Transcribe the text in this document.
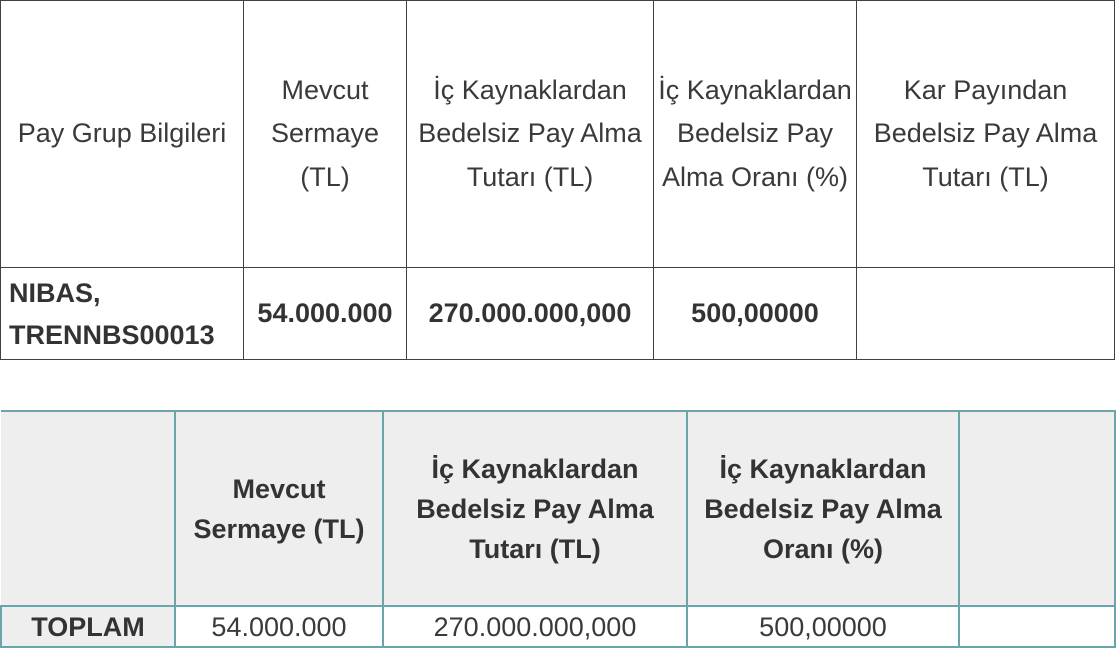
Pay Grup Bilgileri	Mevcut Sermaye (TL)	İç Kaynaklardan Bedelsiz Pay Alma Tutarı (TL)	İç Kaynaklardan Bedelsiz Pay Alma Oranı (%)	Kar Payından Bedelsiz Pay Alma Tutarı (TL)
NIBAS, TRENNBS00013	54.000.000	270.000.000,000	500,00000	
	Mevcut Sermaye (TL)	İç Kaynaklardan Bedelsiz Pay Alma Tutarı (TL)	İç Kaynaklardan Bedelsiz Pay Alma Oranı (%)	
TOPLAM	54.000.000	270.000.000,000	500,00000	
